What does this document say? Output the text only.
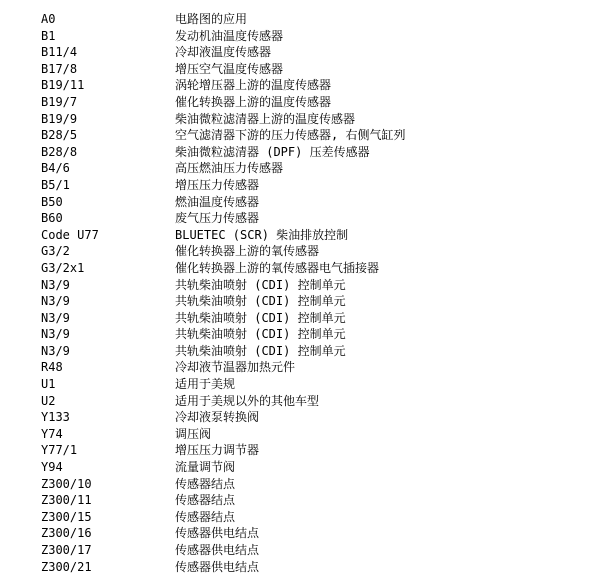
A0	电路图的应用
B1	发动机油温度传感器
B11/4	冷却液温度传感器
B17/8	增压空气温度传感器
B19/11	涡轮增压器上游的温度传感器
B19/7	催化转换器上游的温度传感器
B19/9	柴油微粒滤清器上游的温度传感器
B28/5	空气滤清器下游的压力传感器, 右侧气缸列
B28/8	柴油微粒滤清器 (DPF) 压差传感器
B4/6	高压燃油压力传感器
B5/1	增压压力传感器
B50	燃油温度传感器
B60	废气压力传感器
Code U77	BLUETEC (SCR) 柴油排放控制
G3/2	催化转换器上游的氧传感器
G3/2x1	催化转换器上游的氧传感器电气插接器
N3/9	共轨柴油喷射 (CDI) 控制单元
N3/9	共轨柴油喷射 (CDI) 控制单元
N3/9	共轨柴油喷射 (CDI) 控制单元
N3/9	共轨柴油喷射 (CDI) 控制单元
N3/9	共轨柴油喷射 (CDI) 控制单元
R48	冷却液节温器加热元件
U1	适用于美规
U2	适用于美规以外的其他车型
Y133	冷却液泵转换阀
Y74	调压阀
Y77/1	增压压力调节器
Y94	流量调节阀
Z300/10	传感器结点
Z300/11	传感器结点
Z300/15	传感器结点
Z300/16	传感器供电结点
Z300/17	传感器供电结点
Z300/21	传感器供电结点
